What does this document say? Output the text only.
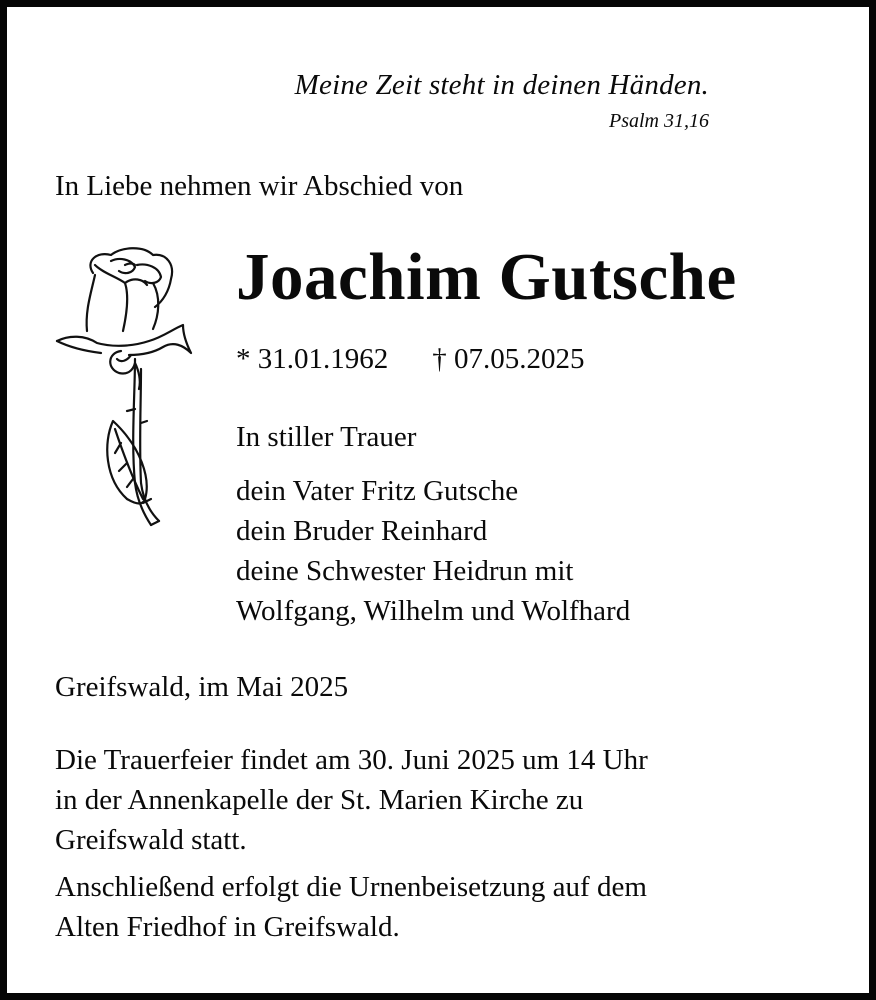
Meine Zeit steht in deinen Händen.
Psalm 31,16
In Liebe nehmen wir Abschied von
Joachim Gutsche
* 31.01.1962 † 07.05.2025
In stiller Trauer
dein Vater Fritz Gutsche
dein Bruder Reinhard
deine Schwester Heidrun mit
Wolfgang, Wilhelm und Wolfhard
Greifswald, im Mai 2025
Die Trauerfeier findet am 30. Juni 2025 um 14 Uhr
in der Annenkapelle der St. Marien Kirche zu
Greifswald statt.
Anschließend erfolgt die Urnenbeisetzung auf dem
Alten Friedhof in Greifswald.
